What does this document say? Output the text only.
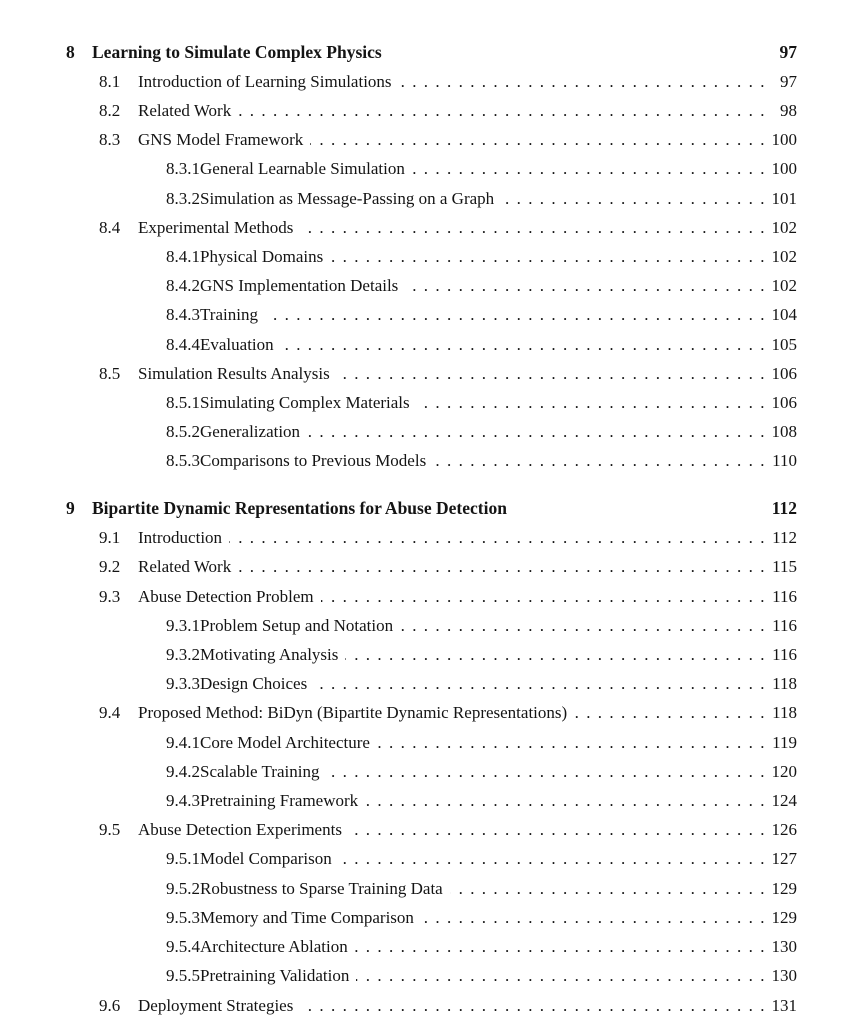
8 Learning to Simulate Complex Physics	97
8.1	Introduction of Learning Simulations . . .	97
8.2	Related Work . . .	98
8.3	GNS Model Framework . . .	100
8.3.1 General Learnable Simulation . . .	100
8.3.2 Simulation as Message-Passing on a Graph . . .	101
8.4	Experimental Methods . . .	102
8.4.1 Physical Domains . . .	102
8.4.2 GNS Implementation Details . . .	102
8.4.3 Training . . .	104
8.4.4 Evaluation . . .	105
8.5	Simulation Results Analysis . . .	106
8.5.1 Simulating Complex Materials . . .	106
8.5.2 Generalization . . .	108
8.5.3 Comparisons to Previous Models . . .	110
9 Bipartite Dynamic Representations for Abuse Detection	112
9.1	Introduction . . .	112
9.2	Related Work . . .	115
9.3	Abuse Detection Problem . . .	116
9.3.1 Problem Setup and Notation . . .	116
9.3.2 Motivating Analysis . . .	116
9.3.3 Design Choices . . .	118
9.4	Proposed Method: BiDyn (Bipartite Dynamic Representations) . . .	118
9.4.1 Core Model Architecture . . .	119
9.4.2 Scalable Training . . .	120
9.4.3 Pretraining Framework . . .	124
9.5	Abuse Detection Experiments . . .	126
9.5.1 Model Comparison . . .	127
9.5.2 Robustness to Sparse Training Data . . .	129
9.5.3 Memory and Time Comparison . . .	129
9.5.4 Architecture Ablation . . .	130
9.5.5 Pretraining Validation . . .	130
9.6	Deployment Strategies . . .	131
